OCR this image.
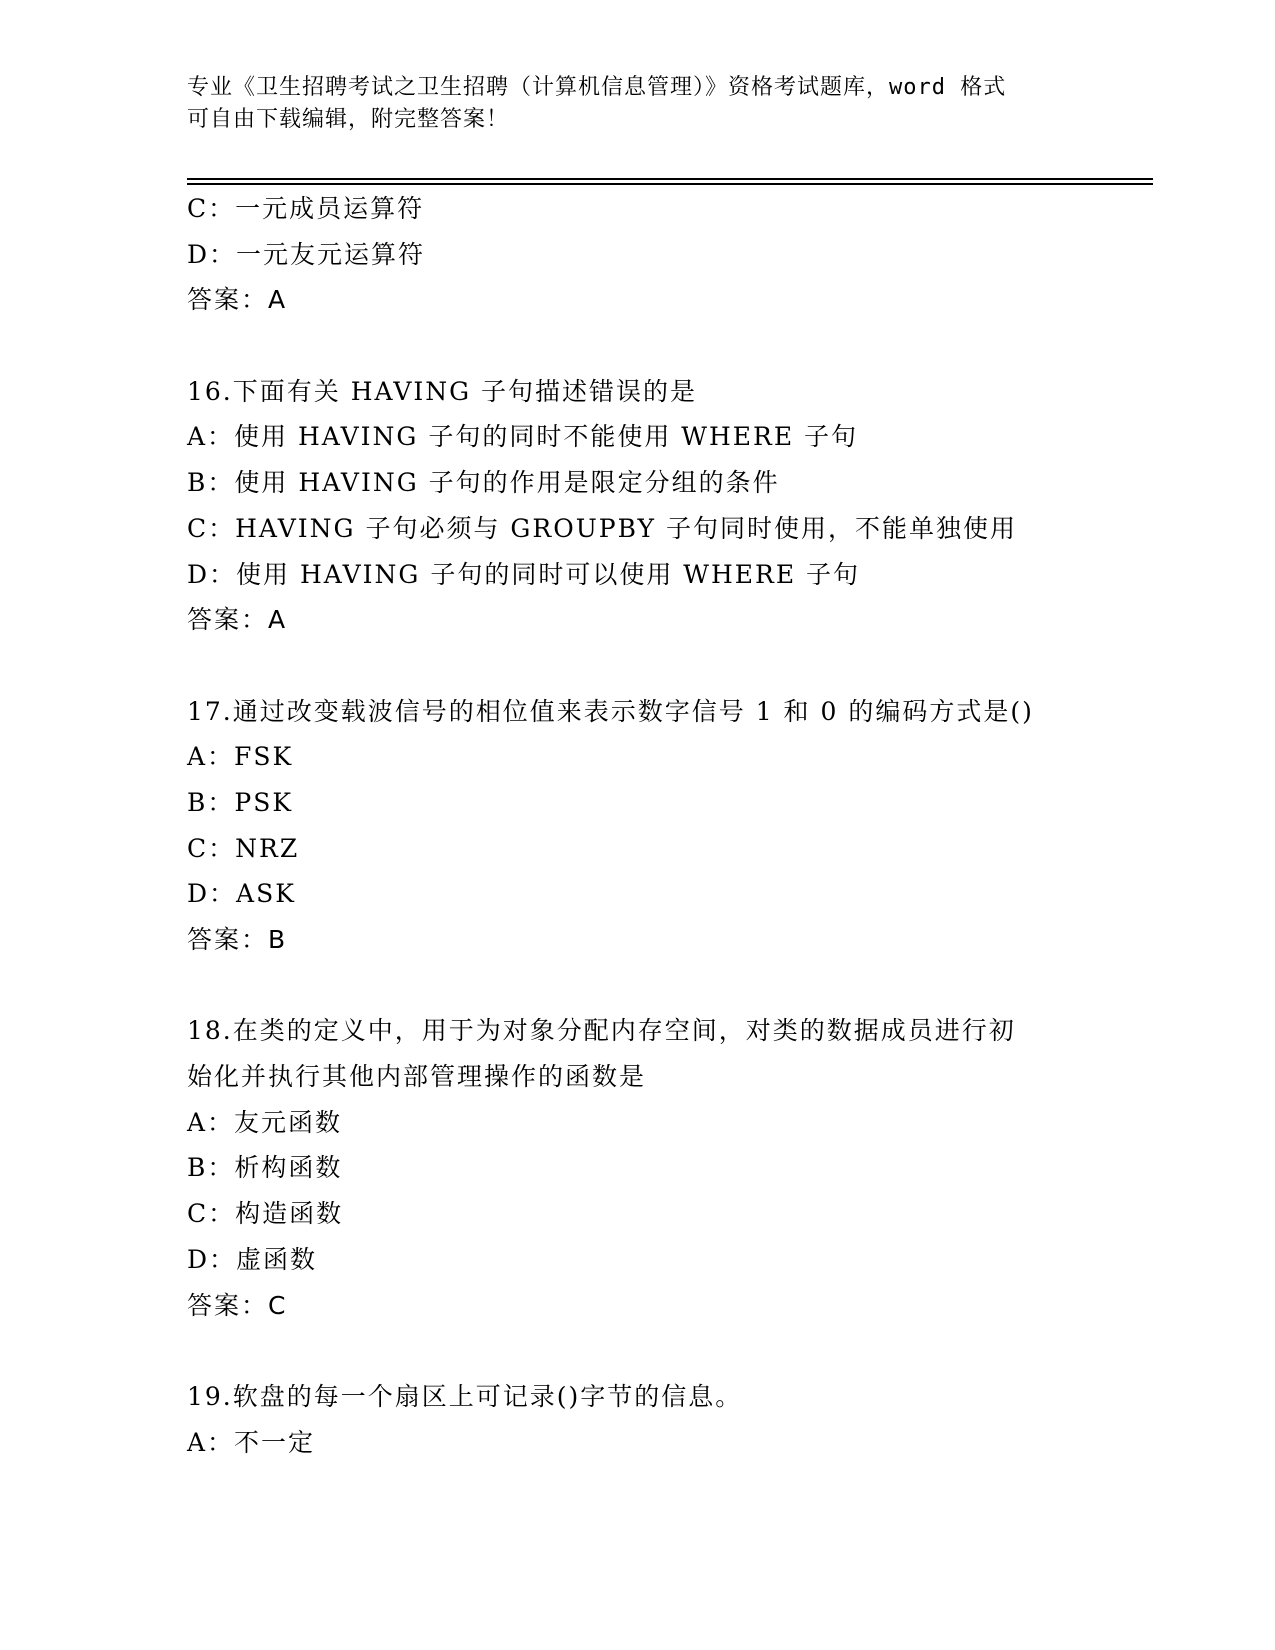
专业《卫生招聘考试之卫生招聘（计算机信息管理）》资格考试题库，word 格式
可自由下载编辑，附完整答案！
C：一元成员运算符
D：一元友元运算符
答案：A
16.下面有关 HAVING 子句描述错误的是
A：使用 HAVING 子句的同时不能使用 WHERE 子句
B：使用 HAVING 子句的作用是限定分组的条件
C：HAVING 子句必须与 GROUPBY 子句同时使用，不能单独使用
D：使用 HAVING 子句的同时可以使用 WHERE 子句
答案：A
17.通过改变载波信号的相位值来表示数字信号 1 和 0 的编码方式是()
A：FSK
B：PSK
C：NRZ
D：ASK
答案：B
18.在类的定义中，用于为对象分配内存空间，对类的数据成员进行初
始化并执行其他内部管理操作的函数是
A：友元函数
B：析构函数
C：构造函数
D：虚函数
答案：C
19.软盘的每一个扇区上可记录()字节的信息。
A：不一定
